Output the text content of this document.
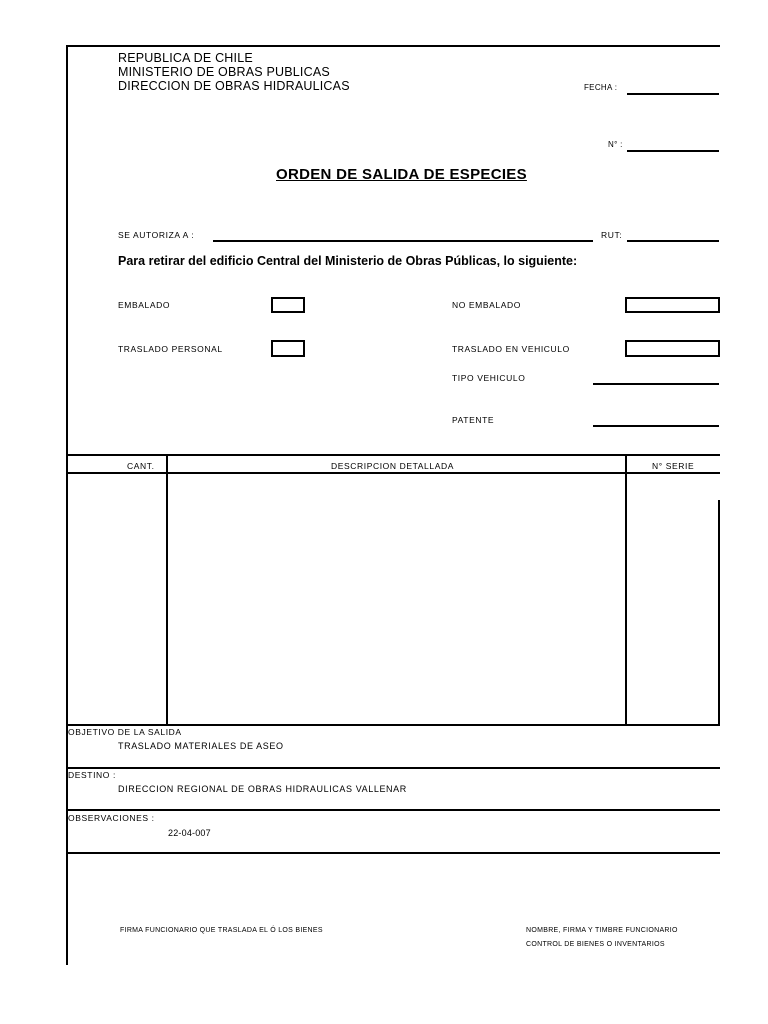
REPUBLICA DE CHILE
MINISTERIO DE OBRAS PUBLICAS
DIRECCION DE OBRAS HIDRAULICAS	FECHA :
N° :
ORDEN DE SALIDA DE ESPECIES
SE AUTORIZA A :	RUT:
Para retirar del edificio Central del Ministerio de Obras Públicas, lo siguiente:
EMBALADO	NO EMBALADO
TRASLADO PERSONAL	TRASLADO EN VEHICULO
TIPO VEHICULO
PATENTE
CANT.	DESCRIPCION DETALLADA	N° SERIE
OBJETIVO DE LA SALIDA
TRASLADO MATERIALES DE ASEO
DESTINO :
DIRECCION REGIONAL DE OBRAS HIDRAULICAS VALLENAR
OBSERVACIONES :
22-04-007
FIRMA FUNCIONARIO QUE TRASLADA EL Ó LOS BIENES	NOMBRE, FIRMA Y TIMBRE FUNCIONARIO
CONTROL DE BIENES O INVENTARIOS
